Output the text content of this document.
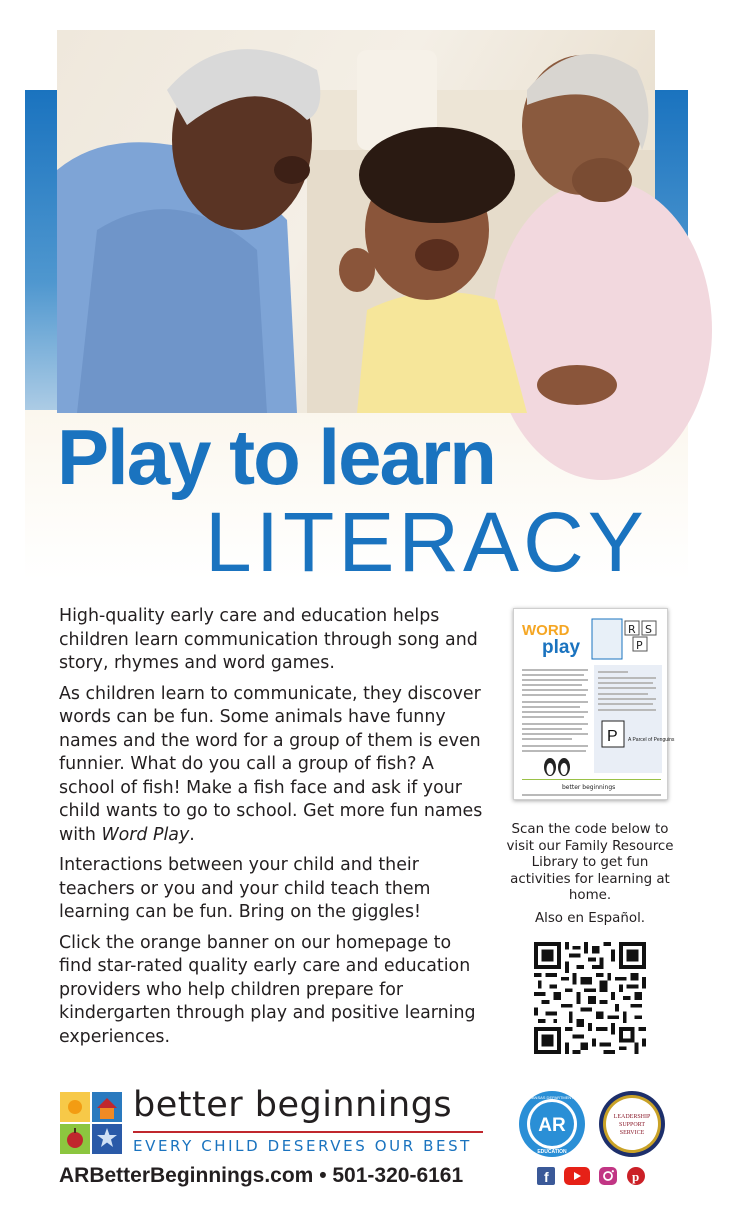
Play to learn
LITERACY

High-quality early care and education helps children learn communication through song and story, rhymes and word games.

As children learn to communicate, they discover words can be fun. Some animals have funny names and the word for a group of them is even funnier. What do you call a group of fish? A school of fish! Make a fish face and ask if your child wants to go to school. Get more fun names with Word Play.

Interactions between your child and their teachers or you and your child teach them learning can be fun. Bring on the giggles!

Click the orange banner on our homepage to find star-rated quality early care and education providers who help children prepare for kindergarten through play and positive learning experiences.

WORD
play
R S
P
P A Parcel of Penguins
better beginnings
Scan the code below to visit our Family Resource Library to get fun activities for learning at home.
Also en Español.
better beginnings
EVERY CHILD DESERVES OUR BEST
ARBetterBeginnings.com • 501-320-6161
AR
ARKANSAS DEPARTMENT OF
EDUCATION
LEADERSHIP
SUPPORT
SERVICE
f	p
